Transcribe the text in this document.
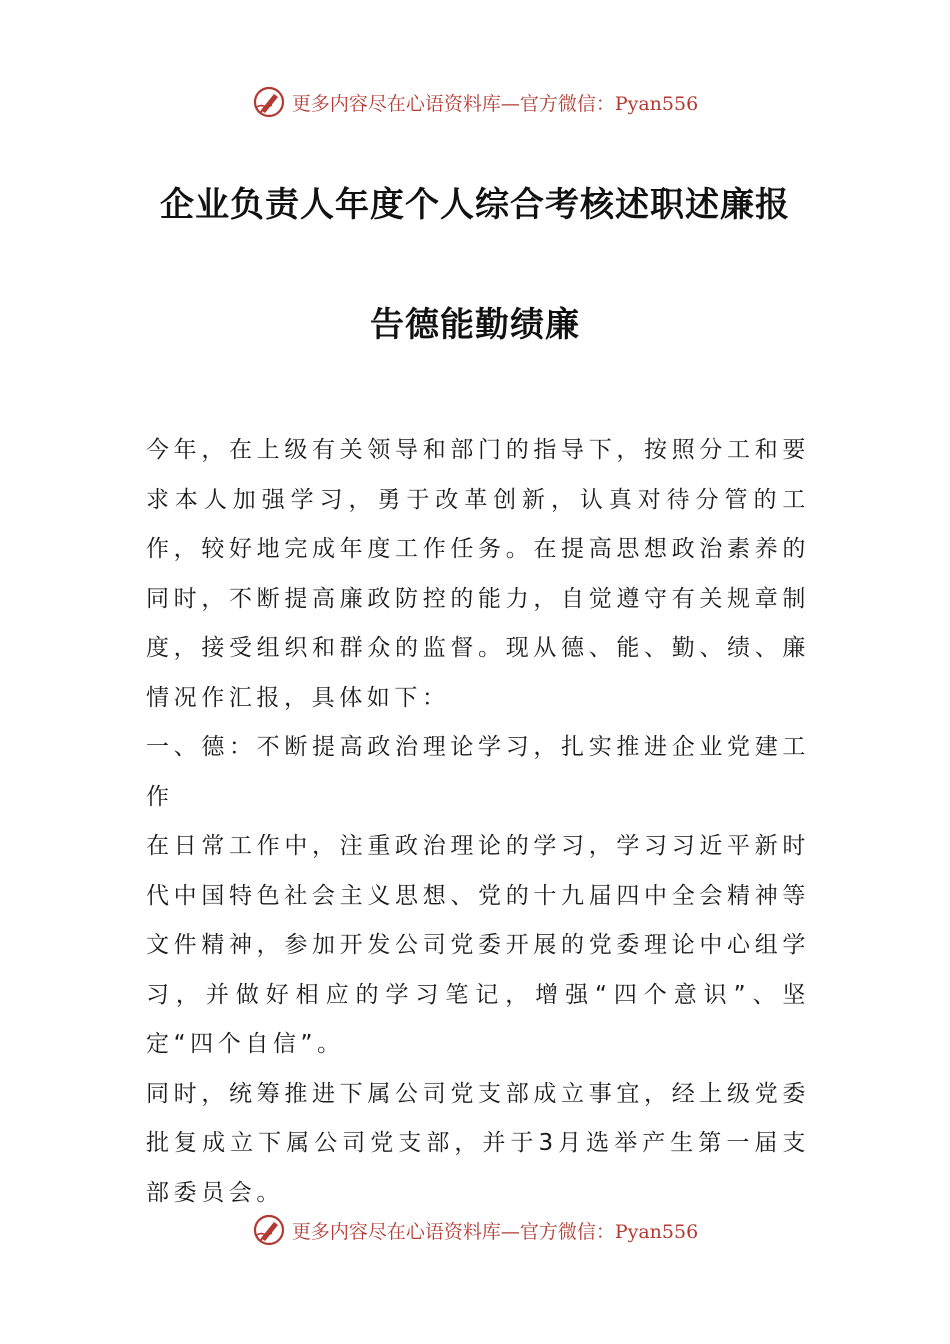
更多内容尽在心语资料库—官方微信：Pyan556
企业负责人年度个人综合考核述职述廉报
告德能勤绩廉

今年，在上级有关领导和部门的指导下，按照分工和要求本人加强学习，勇于改革创新，认真对待分管的工作，较好地完成年度工作任务。在提高思想政治素养的同时，不断提高廉政防控的能力，自觉遵守有关规章制度，接受组织和群众的监督。现从德、能、勤、绩、廉情况作汇报，具体如下：

一、德：不断提高政治理论学习，扎实推进企业党建工作

在日常工作中，注重政治理论的学习，学习习近平新时代中国特色社会主义思想、党的十九届四中全会精神等文件精神，参加开发公司党委开展的党委理论中心组学习，并做好相应的学习笔记，增强“四个意识”、坚定“四个自信”。

同时，统筹推进下属公司党支部成立事宜，经上级党委批复成立下属公司党支部，并于3月选举产生第一届支部委员会。

更多内容尽在心语资料库—官方微信：Pyan556
